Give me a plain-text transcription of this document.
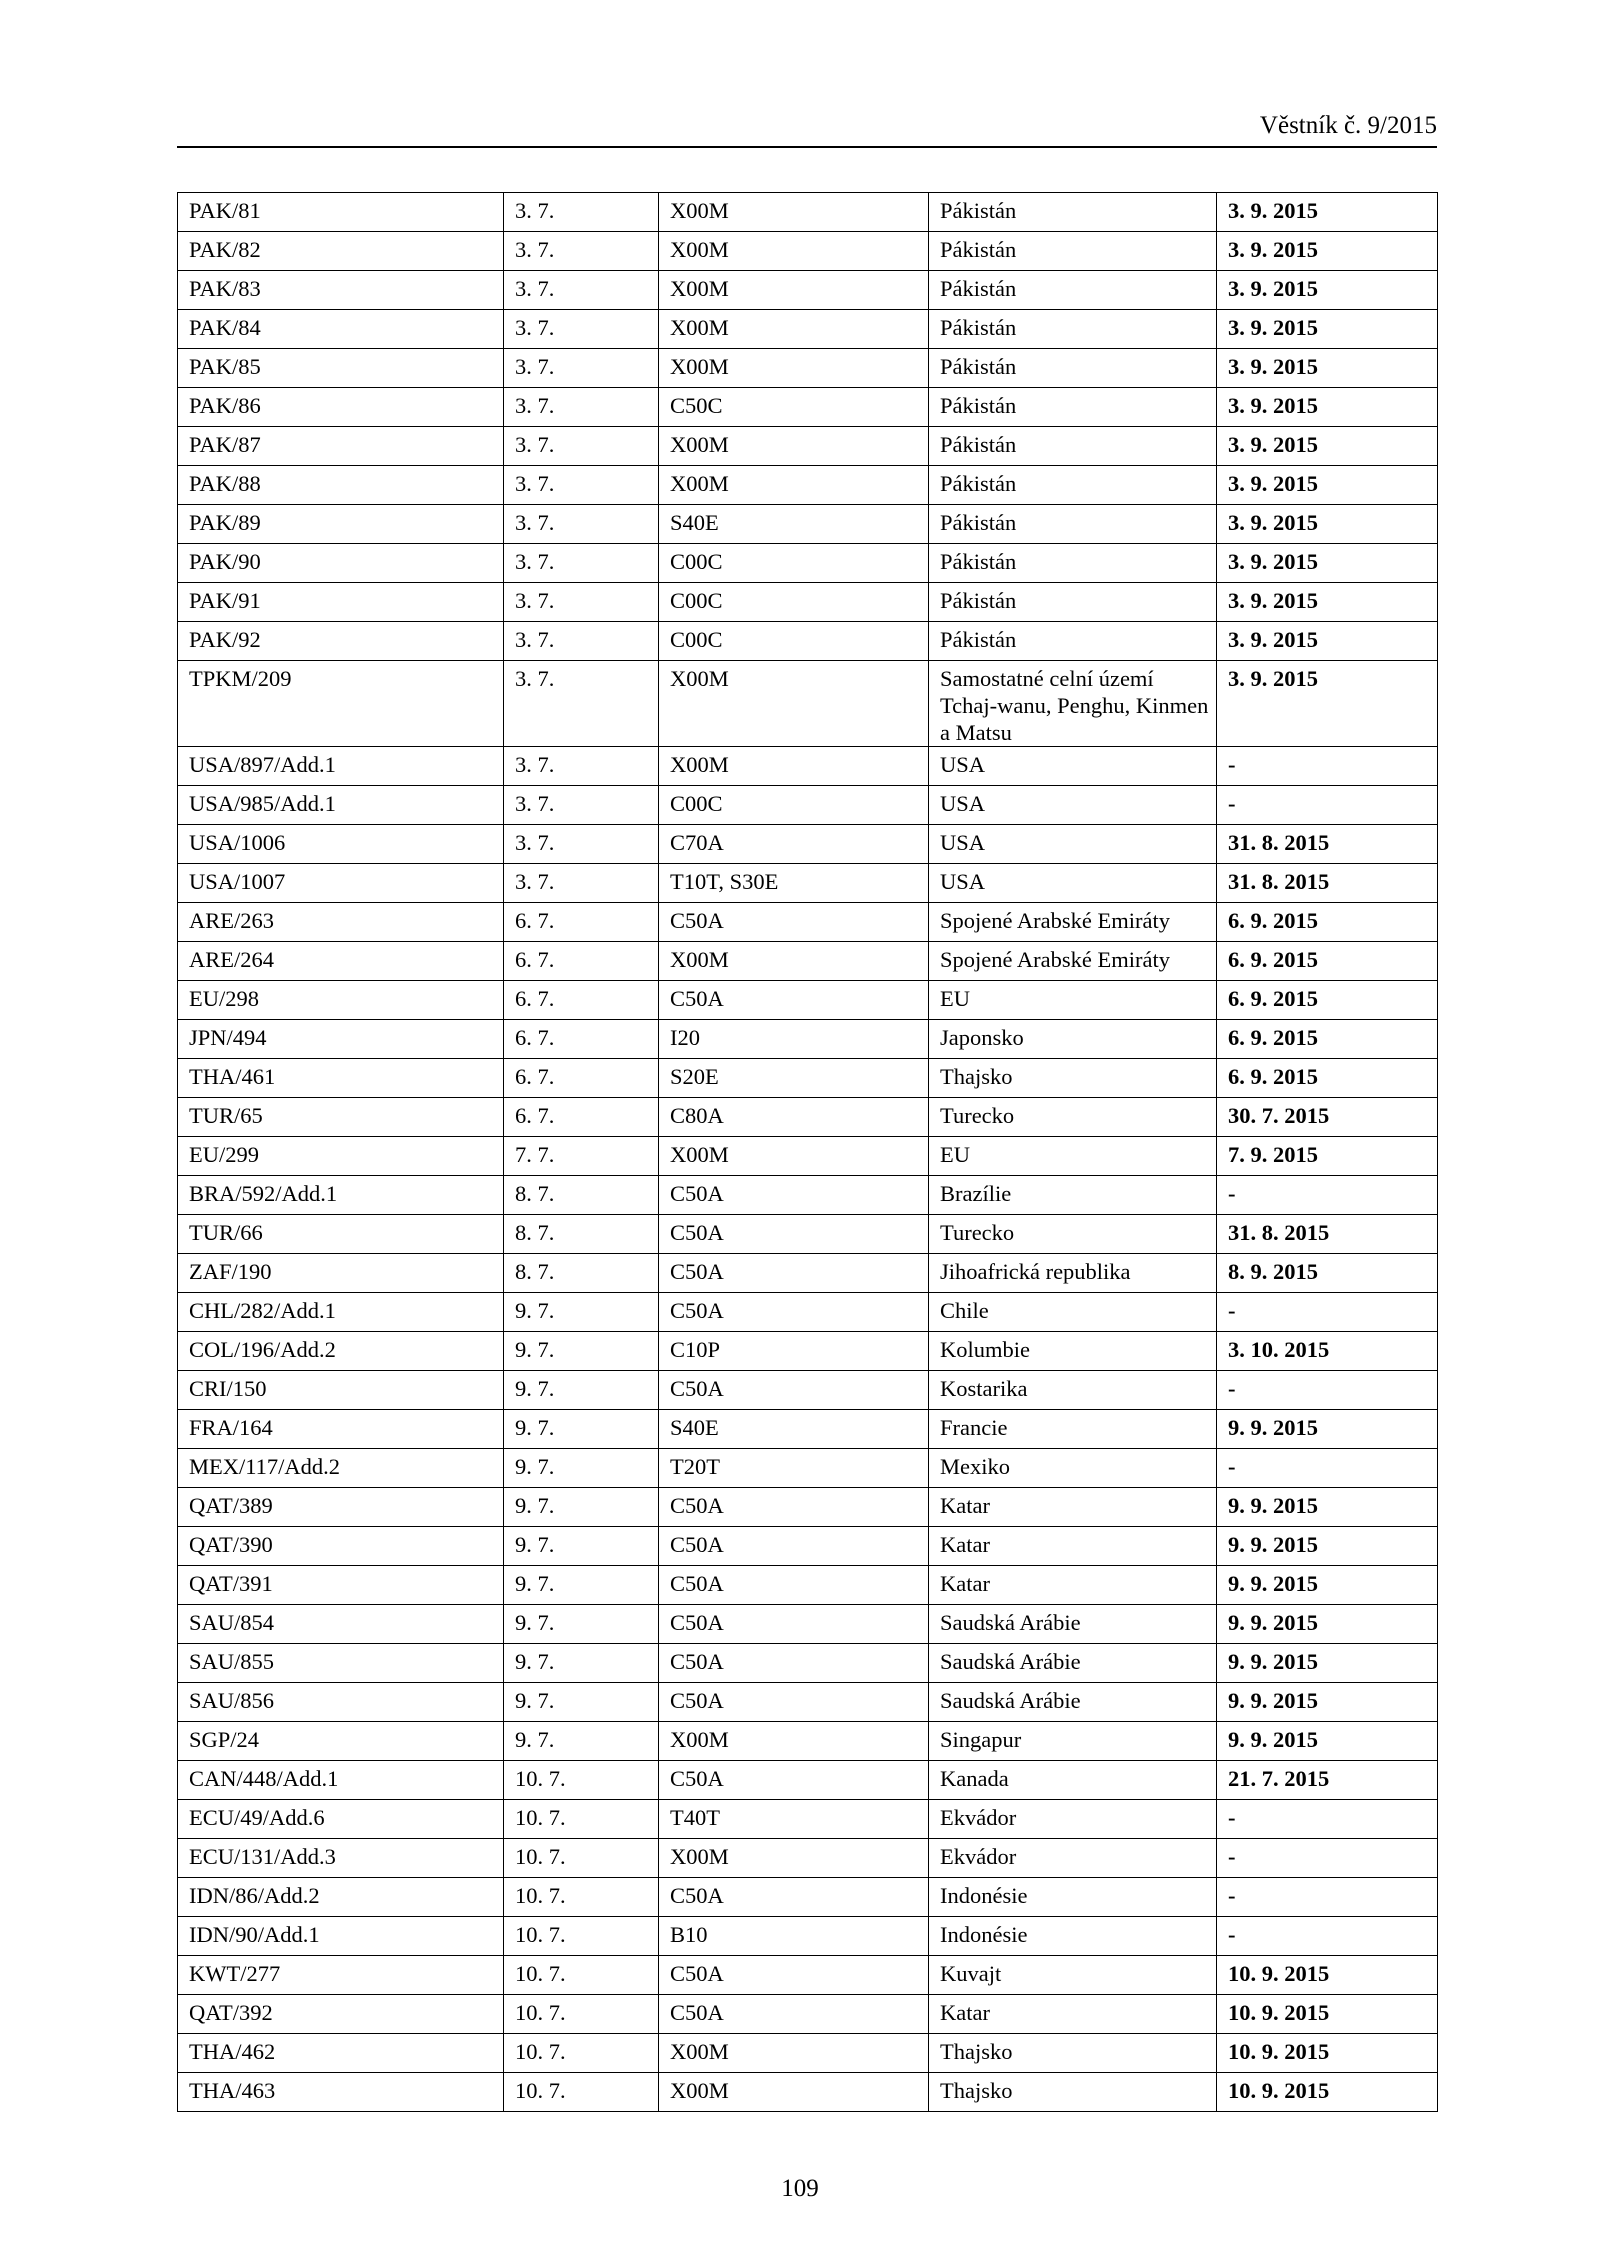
Věstník č. 9/2015
PAK/81	3. 7.	X00M	Pákistán	3. 9. 2015
PAK/82	3. 7.	X00M	Pákistán	3. 9. 2015
PAK/83	3. 7.	X00M	Pákistán	3. 9. 2015
PAK/84	3. 7.	X00M	Pákistán	3. 9. 2015
PAK/85	3. 7.	X00M	Pákistán	3. 9. 2015
PAK/86	3. 7.	C50C	Pákistán	3. 9. 2015
PAK/87	3. 7.	X00M	Pákistán	3. 9. 2015
PAK/88	3. 7.	X00M	Pákistán	3. 9. 2015
PAK/89	3. 7.	S40E	Pákistán	3. 9. 2015
PAK/90	3. 7.	C00C	Pákistán	3. 9. 2015
PAK/91	3. 7.	C00C	Pákistán	3. 9. 2015
PAK/92	3. 7.	C00C	Pákistán	3. 9. 2015
TPKM/209	3. 7.	X00M	Samostatné celní území Tchaj-wanu, Penghu, Kinmen a Matsu	3. 9. 2015
USA/897/Add.1	3. 7.	X00M	USA	-
USA/985/Add.1	3. 7.	C00C	USA	-
USA/1006	3. 7.	C70A	USA	31. 8. 2015
USA/1007	3. 7.	T10T, S30E	USA	31. 8. 2015
ARE/263	6. 7.	C50A	Spojené Arabské Emiráty	6. 9. 2015
ARE/264	6. 7.	X00M	Spojené Arabské Emiráty	6. 9. 2015
EU/298	6. 7.	C50A	EU	6. 9. 2015
JPN/494	6. 7.	I20	Japonsko	6. 9. 2015
THA/461	6. 7.	S20E	Thajsko	6. 9. 2015
TUR/65	6. 7.	C80A	Turecko	30. 7. 2015
EU/299	7. 7.	X00M	EU	7. 9. 2015
BRA/592/Add.1	8. 7.	C50A	Brazílie	-
TUR/66	8. 7.	C50A	Turecko	31. 8. 2015
ZAF/190	8. 7.	C50A	Jihoafrická republika	8. 9. 2015
CHL/282/Add.1	9. 7.	C50A	Chile	-
COL/196/Add.2	9. 7.	C10P	Kolumbie	3. 10. 2015
CRI/150	9. 7.	C50A	Kostarika	-
FRA/164	9. 7.	S40E	Francie	9. 9. 2015
MEX/117/Add.2	9. 7.	T20T	Mexiko	-
QAT/389	9. 7.	C50A	Katar	9. 9. 2015
QAT/390	9. 7.	C50A	Katar	9. 9. 2015
QAT/391	9. 7.	C50A	Katar	9. 9. 2015
SAU/854	9. 7.	C50A	Saudská Arábie	9. 9. 2015
SAU/855	9. 7.	C50A	Saudská Arábie	9. 9. 2015
SAU/856	9. 7.	C50A	Saudská Arábie	9. 9. 2015
SGP/24	9. 7.	X00M	Singapur	9. 9. 2015
CAN/448/Add.1	10. 7.	C50A	Kanada	21. 7. 2015
ECU/49/Add.6	10. 7.	T40T	Ekvádor	-
ECU/131/Add.3	10. 7.	X00M	Ekvádor	-
IDN/86/Add.2	10. 7.	C50A	Indonésie	-
IDN/90/Add.1	10. 7.	B10	Indonésie	-
KWT/277	10. 7.	C50A	Kuvajt	10. 9. 2015
QAT/392	10. 7.	C50A	Katar	10. 9. 2015
THA/462	10. 7.	X00M	Thajsko	10. 9. 2015
THA/463	10. 7.	X00M	Thajsko	10. 9. 2015
109
